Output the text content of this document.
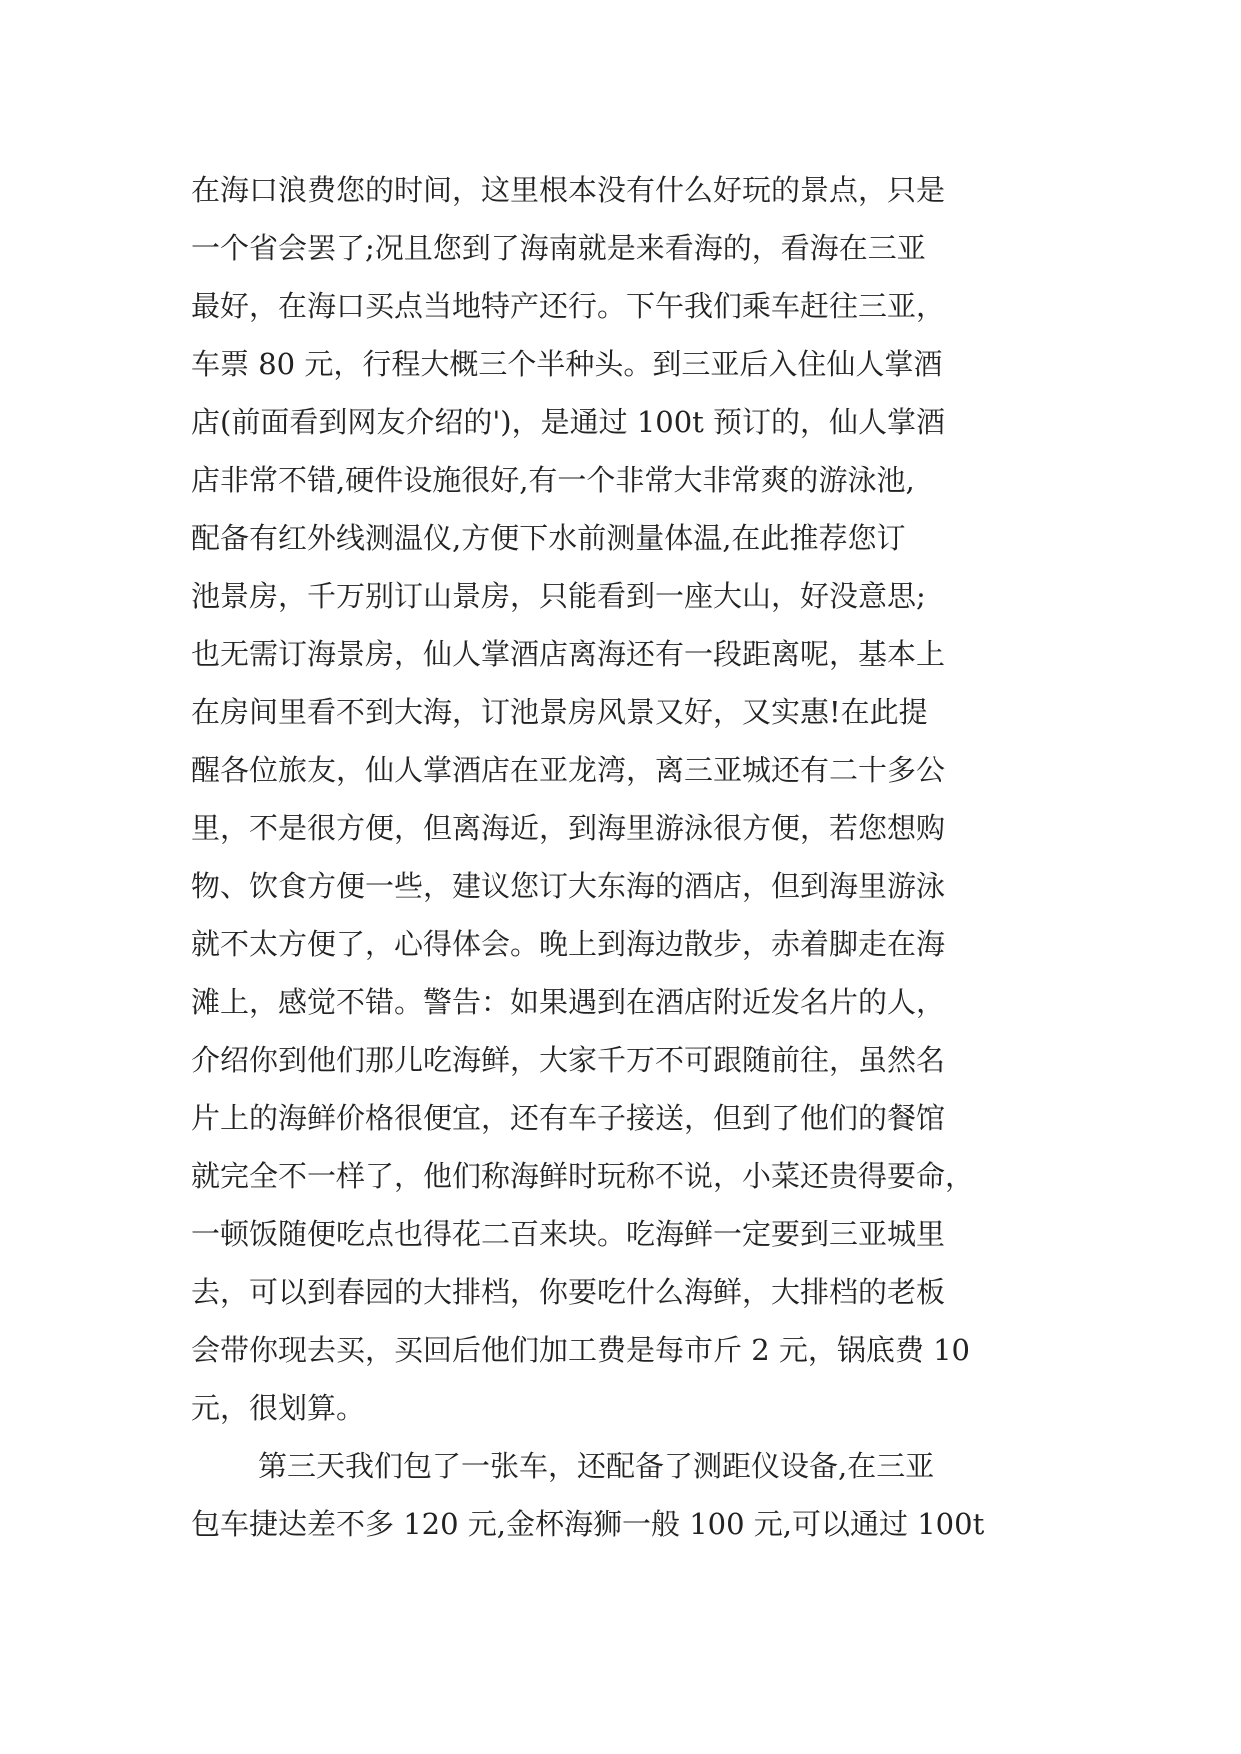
在海口浪费您的时间，这里根本没有什么好玩的景点，只是
一个省会罢了;况且您到了海南就是来看海的，看海在三亚
最好，在海口买点当地特产还行。下午我们乘车赶往三亚，
车票 80 元，行程大概三个半种头。到三亚后入住仙人掌酒
店(前面看到网友介绍的')，是通过 100t 预订的，仙人掌酒
店非常不错,硬件设施很好,有一个非常大非常爽的游泳池,
配备有红外线测温仪,方便下水前测量体温,在此推荐您订
池景房，千万别订山景房，只能看到一座大山，好没意思;
也无需订海景房，仙人掌酒店离海还有一段距离呢，基本上
在房间里看不到大海，订池景房风景又好，又实惠!在此提
醒各位旅友，仙人掌酒店在亚龙湾，离三亚城还有二十多公
里，不是很方便，但离海近，到海里游泳很方便，若您想购
物、饮食方便一些，建议您订大东海的酒店，但到海里游泳
就不太方便了，心得体会。晚上到海边散步，赤着脚走在海
滩上，感觉不错。警告：如果遇到在酒店附近发名片的人，
介绍你到他们那儿吃海鲜，大家千万不可跟随前往，虽然名
片上的海鲜价格很便宜，还有车子接送，但到了他们的餐馆
就完全不一样了，他们称海鲜时玩称不说，小菜还贵得要命，
一顿饭随便吃点也得花二百来块。吃海鲜一定要到三亚城里
去，可以到春园的大排档，你要吃什么海鲜，大排档的老板
会带你现去买，买回后他们加工费是每市斤 2 元，锅底费 10
元，很划算。
第三天我们包了一张车，还配备了测距仪设备,在三亚
包车捷达差不多 120 元,金杯海狮一般 100 元,可以通过 100t
